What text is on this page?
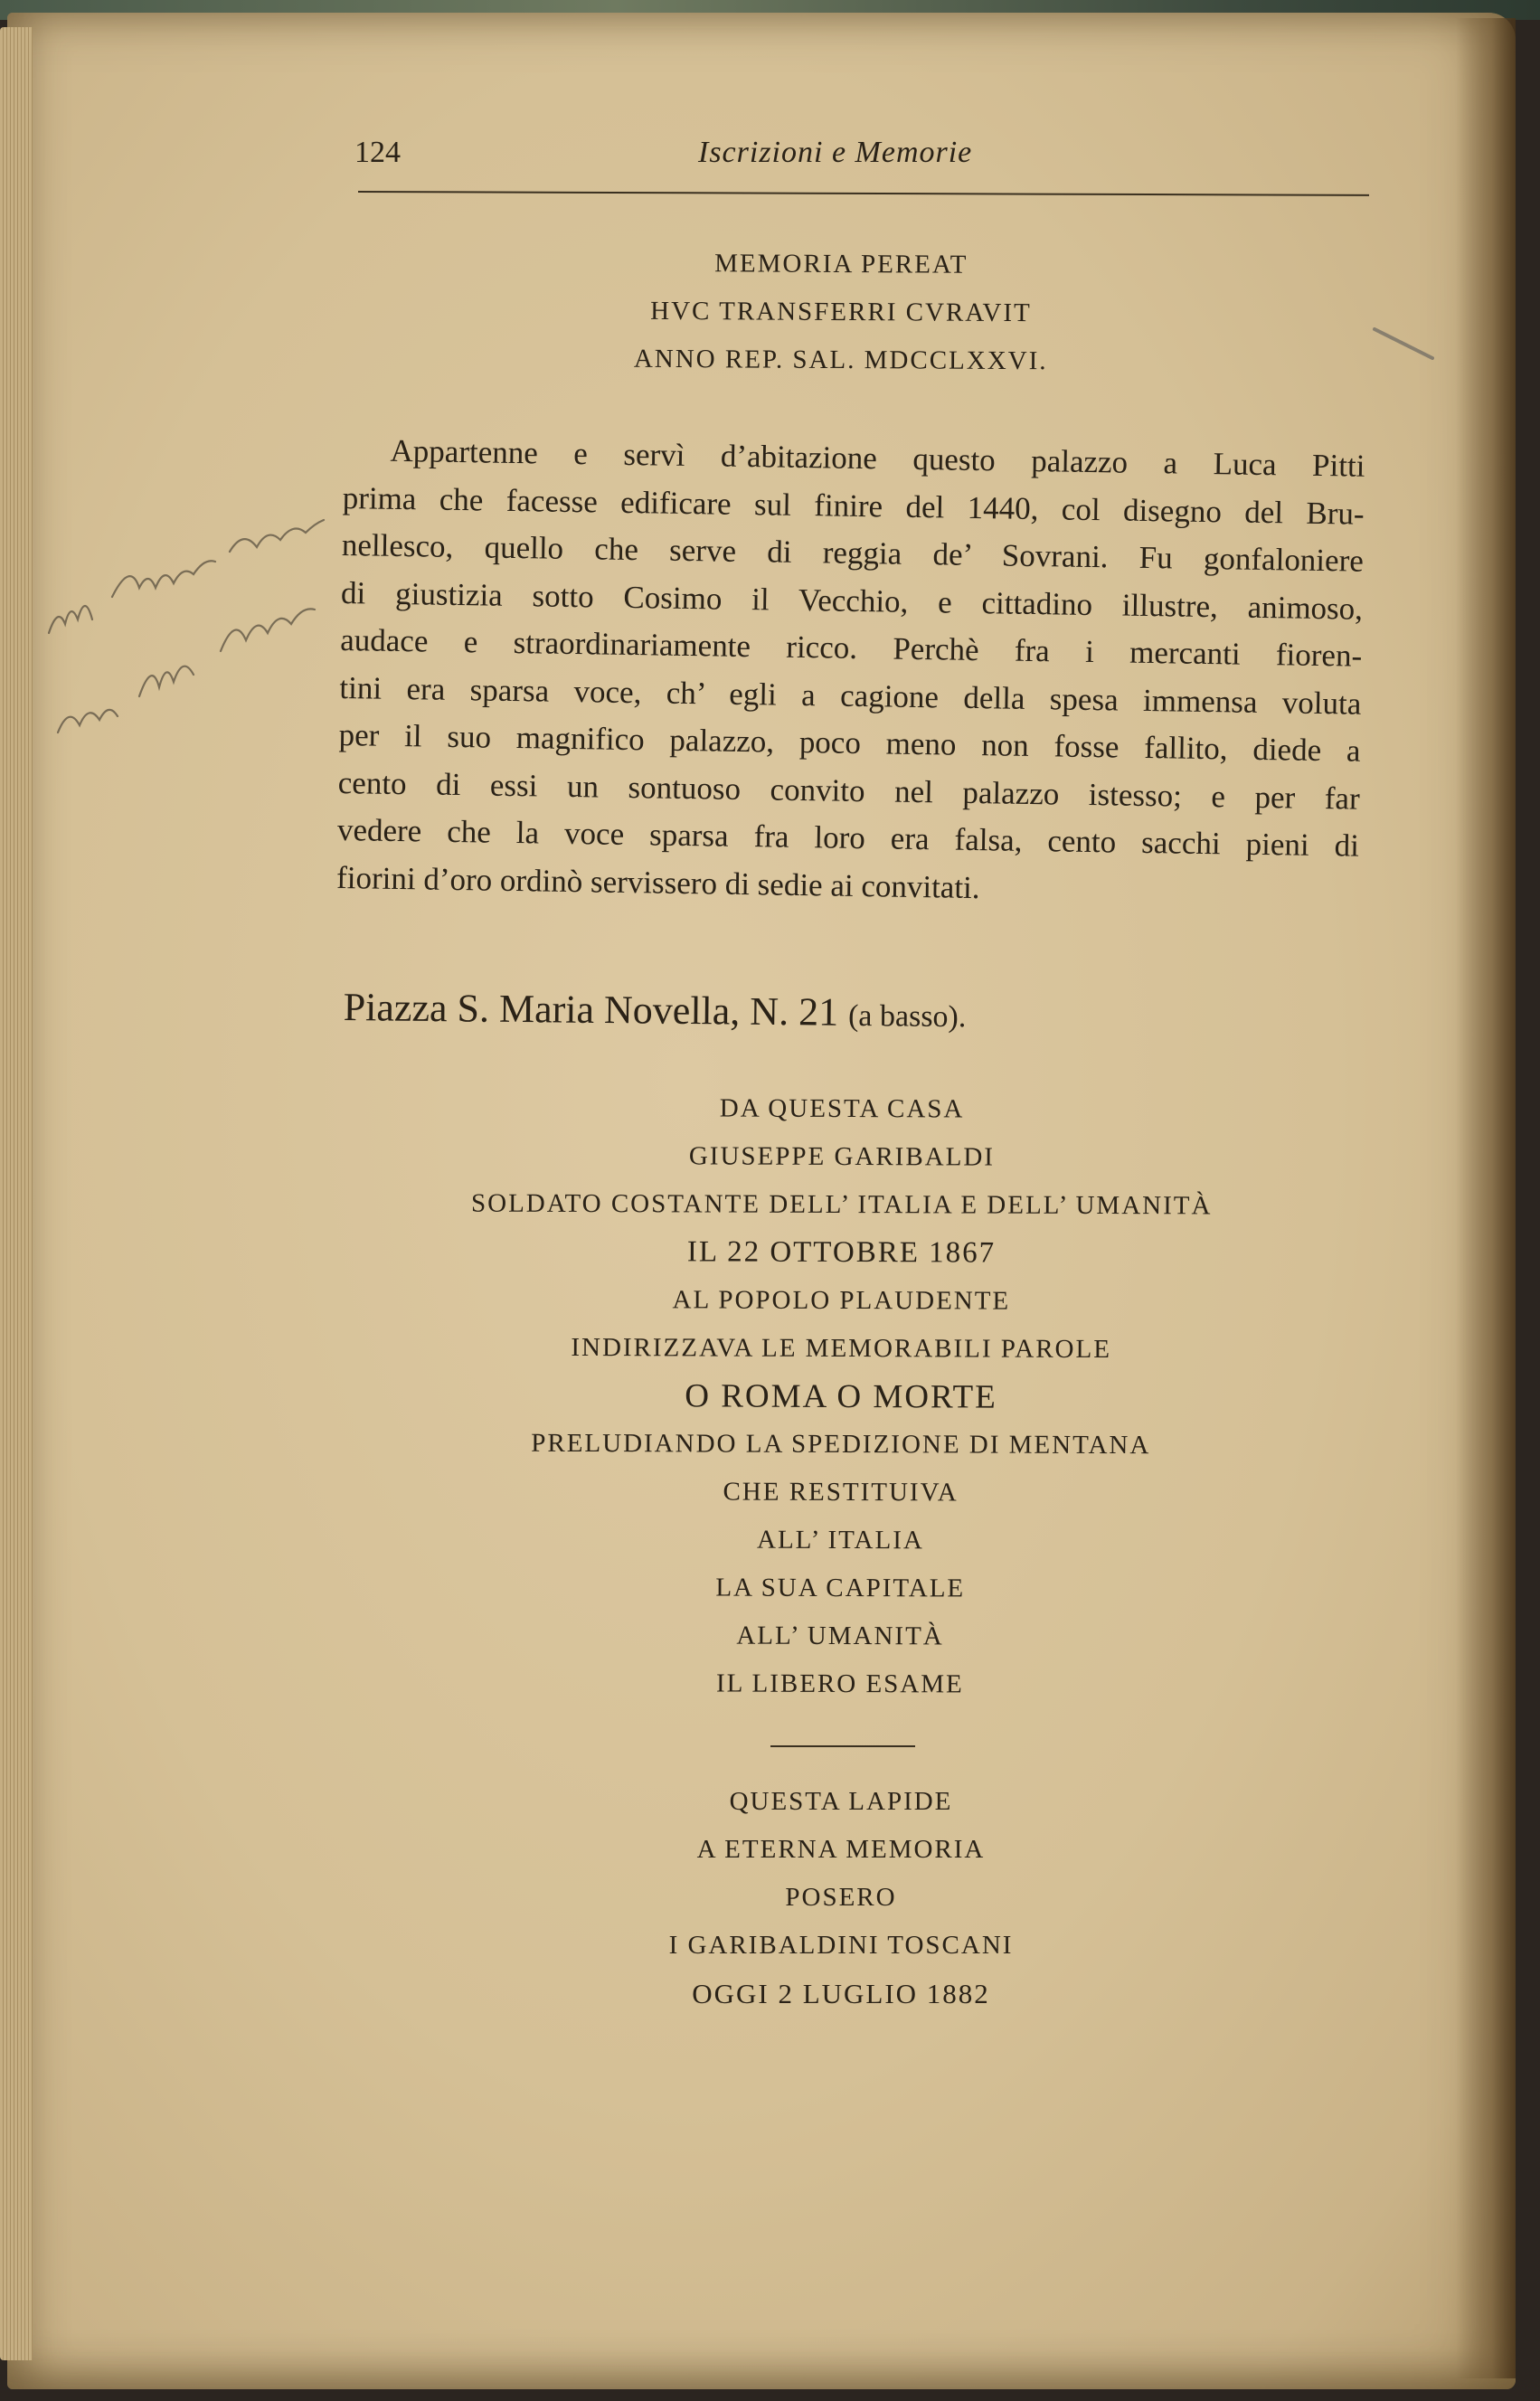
124	Iscrizioni e Memorie
MEMORIA PEREAT
HVC TRANSFERRI CVRAVIT
ANNO REP. SAL. MDCCLXXVI.
Appartenne e servì d’abitazione questo palazzo a Luca Pitti
prima che facesse edificare sul finire del 1440, col disegno del Bru-
nellesco, quello che serve di reggia de’ Sovrani. Fu gonfaloniere
di giustizia sotto Cosimo il Vecchio, e cittadino illustre, animoso,
audace e straordinariamente ricco. Perchè fra i mercanti fioren-
tini era sparsa voce, ch’ egli a cagione della spesa immensa voluta
per il suo magnifico palazzo, poco meno non fosse fallito, diede a
cento di essi un sontuoso convito nel palazzo istesso; e per far
vedere che la voce sparsa fra loro era falsa, cento sacchi pieni di
fiorini d’oro ordinò servissero di sedie ai convitati.
Piazza S. Maria Novella, N. 21 (a basso).
DA QUESTA CASA
GIUSEPPE GARIBALDI
SOLDATO COSTANTE DELL’ ITALIA E DELL’ UMANITÀ
IL 22 OTTOBRE 1867
AL POPOLO PLAUDENTE
INDIRIZZAVA LE MEMORABILI PAROLE
O ROMA O MORTE
PRELUDIANDO LA SPEDIZIONE DI MENTANA
CHE RESTITUIVA
ALL’ ITALIA
LA SUA CAPITALE
ALL’ UMANITÀ
IL LIBERO ESAME
QUESTA LAPIDE
A ETERNA MEMORIA
POSERO
I GARIBALDINI TOSCANI
OGGI 2 LUGLIO 1882
